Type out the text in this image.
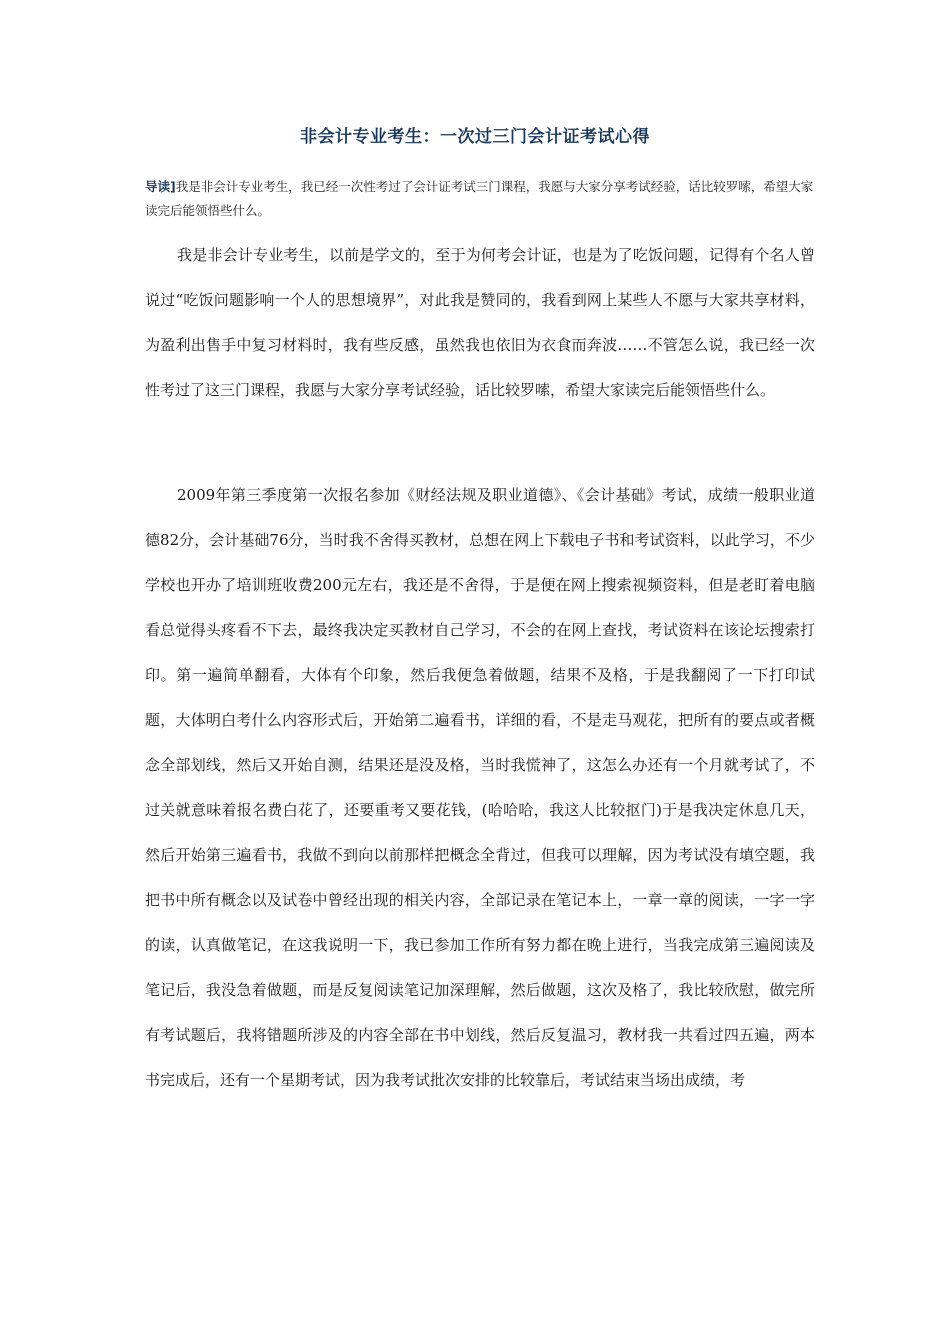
非会计专业考生：一次过三门会计证考试心得
导读]我是非会计专业考生，我已经一次性考过了会计证考试三门课程，我愿与大家分享考试经验，话比较罗嗦，希望大家读完后能领悟些什么。
我是非会计专业考生，以前是学文的，至于为何考会计证，也是为了吃饭问题，记得有个名人曾说过“吃饭问题影响一个人的思想境界”，对此我是赞同的，我看到网上某些人不愿与大家共享材料，为盈利出售手中复习材料时，我有些反感，虽然我也依旧为衣食而奔波……不管怎么说，我已经一次性考过了这三门课程，我愿与大家分享考试经验，话比较罗嗦，希望大家读完后能领悟些什么。
2009年第三季度第一次报名参加《财经法规及职业道德》、《会计基础》考试，成绩一般职业道德82分，会计基础76分，当时我不舍得买教材，总想在网上下载电子书和考试资料，以此学习，不少学校也开办了培训班收费200元左右，我还是不舍得，于是便在网上搜索视频资料，但是老盯着电脑看总觉得头疼看不下去，最终我决定买教材自己学习，不会的在网上查找，考试资料在该论坛搜索打印。第一遍简单翻看，大体有个印象，然后我便急着做题，结果不及格，于是我翻阅了一下打印试题，大体明白考什么内容形式后，开始第二遍看书，详细的看，不是走马观花，把所有的要点或者概念全部划线，然后又开始自测，结果还是没及格，当时我慌神了，这怎么办还有一个月就考试了，不过关就意味着报名费白花了，还要重考又要花钱，(哈哈哈，我这人比较抠门)于是我决定休息几天，然后开始第三遍看书，我做不到向以前那样把概念全背过，但我可以理解，因为考试没有填空题，我把书中所有概念以及试卷中曾经出现的相关内容，全部记录在笔记本上，一章一章的阅读，一字一字的读，认真做笔记，在这我说明一下，我已参加工作所有努力都在晚上进行，当我完成第三遍阅读及笔记后，我没急着做题，而是反复阅读笔记加深理解，然后做题，这次及格了，我比较欣慰，做完所有考试题后，我将错题所涉及的内容全部在书中划线，然后反复温习，教材我一共看过四五遍，两本书完成后，还有一个星期考试，因为我考试批次安排的比较靠后，考试结束当场出成绩，考
